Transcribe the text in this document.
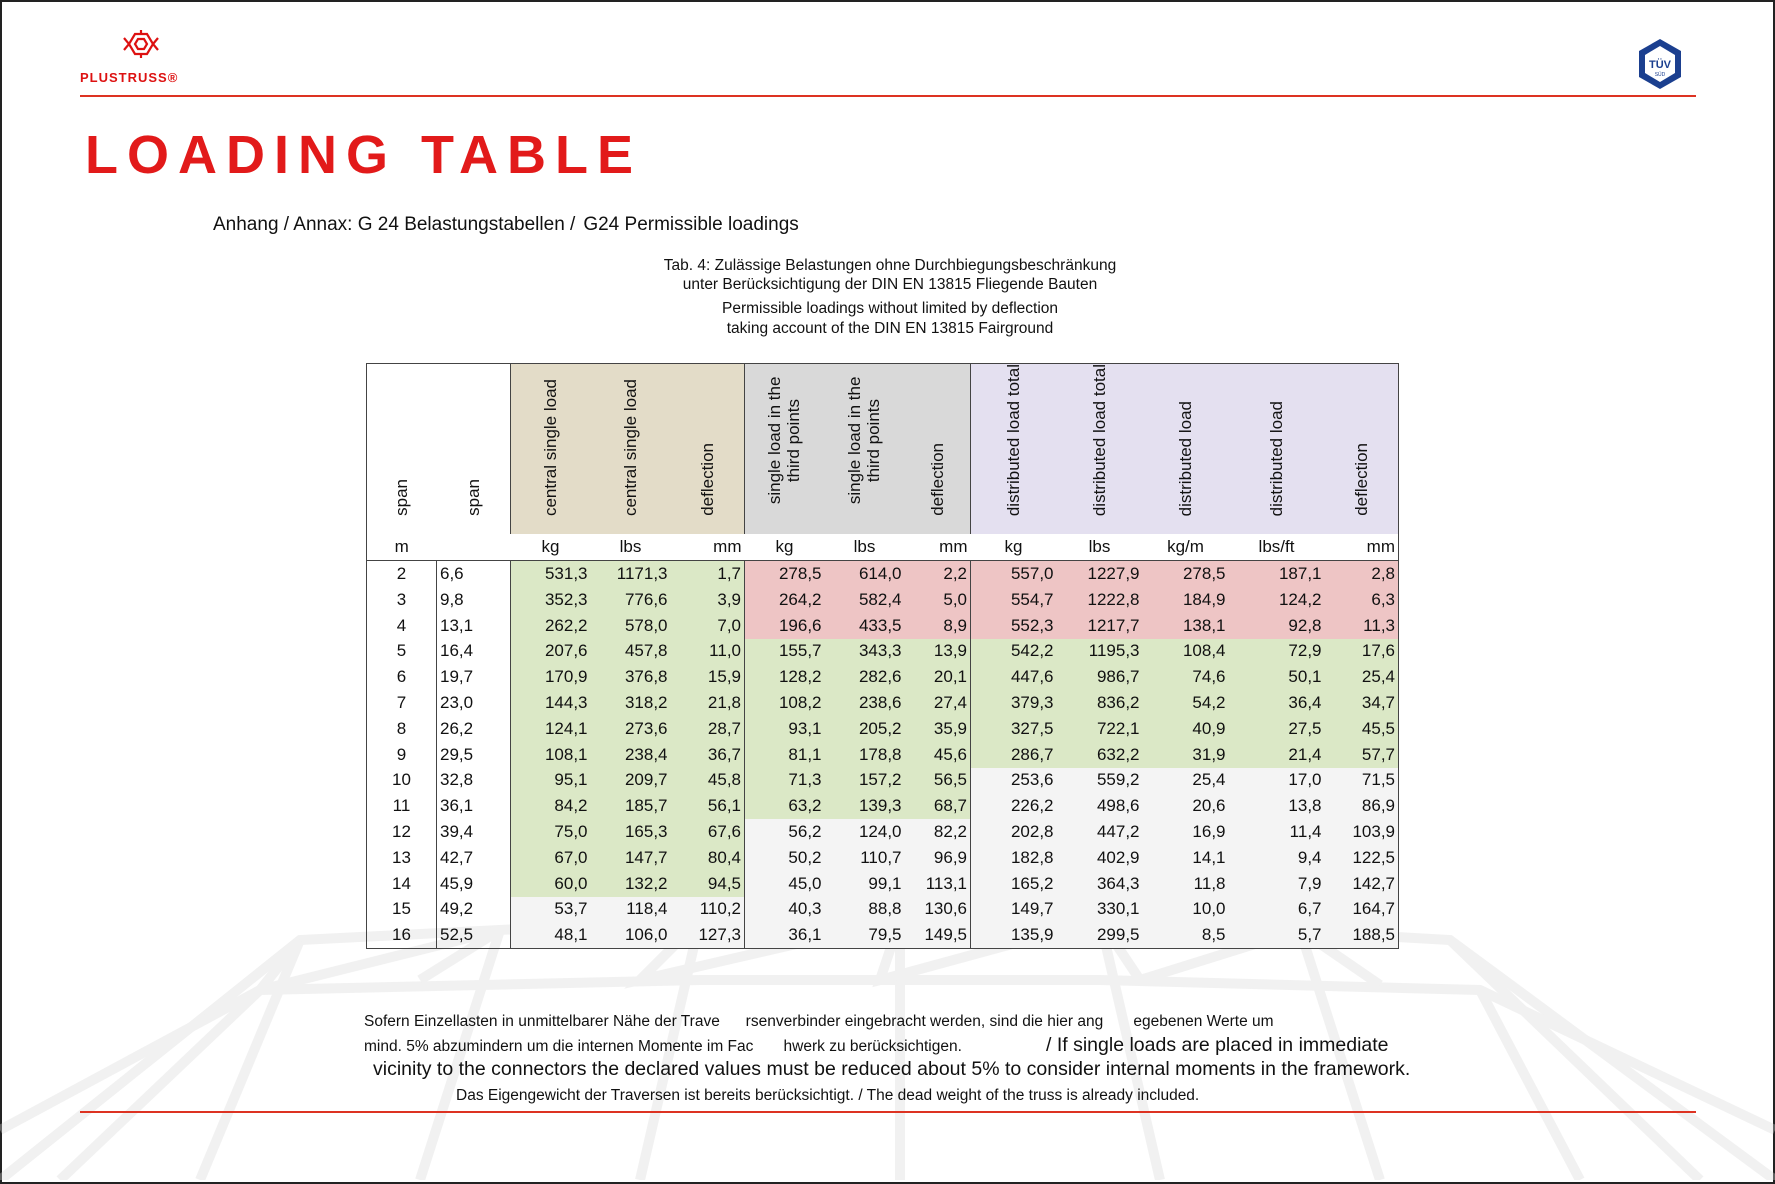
PLUSTRUSS®
TÜV
SÜD
LOADING TABLE
Anhang / Annax: G 24 Belastungstabellen / G24 Permissible loadings
Tab. 4: Zulässige Belastungen ohne Durchbiegungsbeschränkung
unter Berücksichtigung der DIN EN 13815 Fliegende Bauten
Permissible loadings without limited by deflection
taking account of the DIN EN 13815 Fairground
span	span	central single load	central single load	deflection	single load in the third points	single load in the third points	deflection	distributed load total	distributed load total	distributed load	distributed load	deflection

m		kg	lbs	mm	kg	lbs	mm	kg	lbs	kg/m	lbs/ft	mm
2	6,6	531,3	1171,3	1,7	278,5	614,0	2,2	557,0	1227,9	278,5	187,1	2,8
3	9,8	352,3	776,6	3,9	264,2	582,4	5,0	554,7	1222,8	184,9	124,2	6,3
4	13,1	262,2	578,0	7,0	196,6	433,5	8,9	552,3	1217,7	138,1	92,8	11,3
5	16,4	207,6	457,8	11,0	155,7	343,3	13,9	542,2	1195,3	108,4	72,9	17,6
6	19,7	170,9	376,8	15,9	128,2	282,6	20,1	447,6	986,7	74,6	50,1	25,4
7	23,0	144,3	318,2	21,8	108,2	238,6	27,4	379,3	836,2	54,2	36,4	34,7
8	26,2	124,1	273,6	28,7	93,1	205,2	35,9	327,5	722,1	40,9	27,5	45,5
9	29,5	108,1	238,4	36,7	81,1	178,8	45,6	286,7	632,2	31,9	21,4	57,7
10	32,8	95,1	209,7	45,8	71,3	157,2	56,5	253,6	559,2	25,4	17,0	71,5
11	36,1	84,2	185,7	56,1	63,2	139,3	68,7	226,2	498,6	20,6	13,8	86,9
12	39,4	75,0	165,3	67,6	56,2	124,0	82,2	202,8	447,2	16,9	11,4	103,9
13	42,7	67,0	147,7	80,4	50,2	110,7	96,9	182,8	402,9	14,1	9,4	122,5
14	45,9	60,0	132,2	94,5	45,0	99,1	113,1	165,2	364,3	11,8	7,9	142,7
15	49,2	53,7	118,4	110,2	40,3	88,8	130,6	149,7	330,1	10,0	6,7	164,7
16	52,5	48,1	106,0	127,3	36,1	79,5	149,5	135,9	299,5	8,5	5,7	188,5
Sofern Einzellasten in unmittelbarer Nähe der Trave      rsenverbinder eingebracht werden, sind die hier ang       egebenen Werte um
mind. 5% abzumindern um die internen Momente im Fac       hwerk zu berücksichtigen.	/ If single loads are placed in immediate
vicinity to the connectors the declared values must be reduced about 5% to consider internal moments in the framework.
Das Eigengewicht der Traversen ist bereits berücksichtigt. / The dead weight of the truss is already included.
